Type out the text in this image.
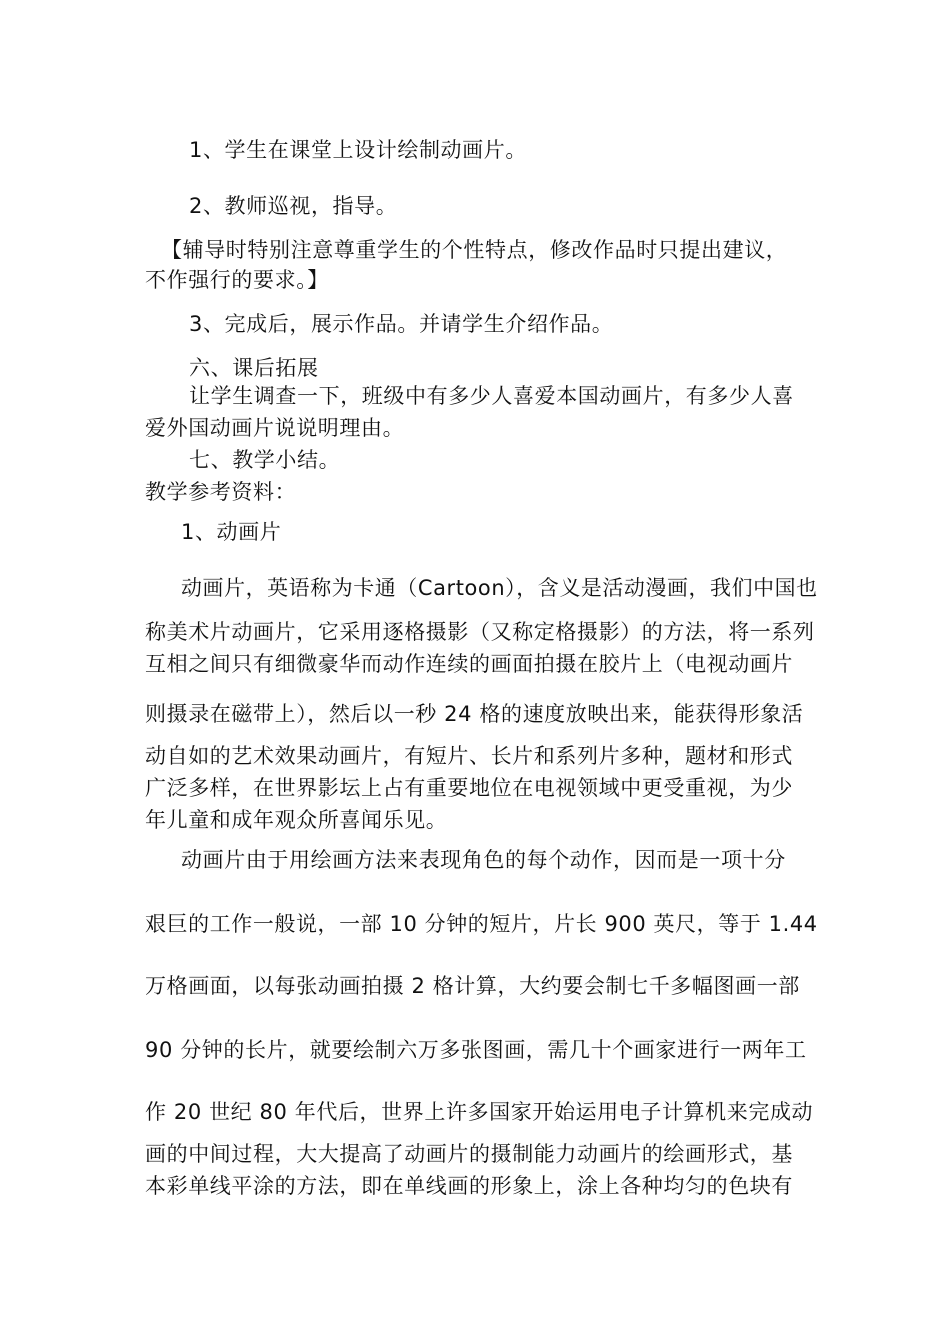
1、学生在课堂上设计绘制动画片。
2、教师巡视，指导。
【辅导时特别注意尊重学生的个性特点，修改作品时只提出建议，
不作强行的要求。】
3、完成后，展示作品。并请学生介绍作品。
六、课后拓展
让学生调查一下，班级中有多少人喜爱本国动画片，有多少人喜
爱外国动画片说说明理由。
七、教学小结。
教学参考资料：
1、动画片
动画片，英语称为卡通（Cartoon），含义是活动漫画，我们中国也
称美术片动画片，它采用逐格摄影（又称定格摄影）的方法，将一系列
互相之间只有细微豪华而动作连续的画面拍摄在胶片上（电视动画片
则摄录在磁带上），然后以一秒 24 格的速度放映出来，能获得形象活
动自如的艺术效果动画片，有短片、长片和系列片多种，题材和形式
广泛多样，在世界影坛上占有重要地位在电视领域中更受重视，为少
年儿童和成年观众所喜闻乐见。
动画片由于用绘画方法来表现角色的每个动作，因而是一项十分
艰巨的工作一般说，一部 10 分钟的短片，片长 900 英尺，等于 1.44
万格画面，以每张动画拍摄 2 格计算，大约要会制七千多幅图画一部
90 分钟的长片，就要绘制六万多张图画，需几十个画家进行一两年工
作 20 世纪 80 年代后，世界上许多国家开始运用电子计算机来完成动
画的中间过程，大大提高了动画片的摄制能力动画片的绘画形式，基
本彩单线平涂的方法，即在单线画的形象上，涂上各种均匀的色块有
